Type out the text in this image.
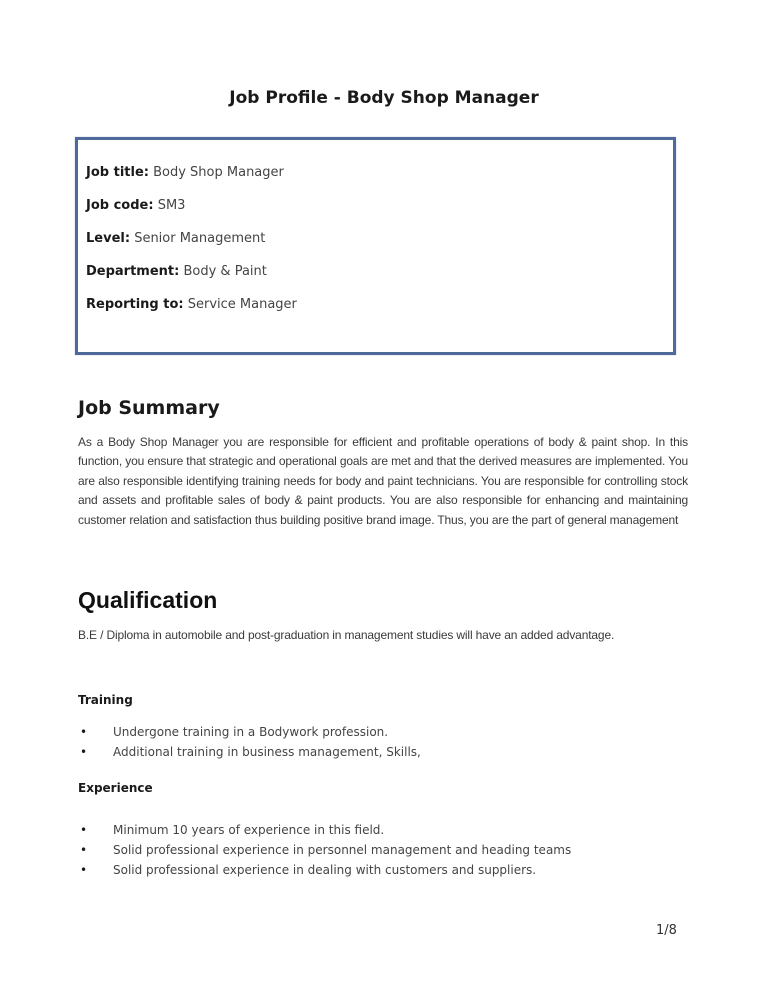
Job Profile - Body Shop Manager
Job title: Body Shop Manager
Job code: SM3
Level: Senior Management
Department: Body & Paint
Reporting to: Service Manager
Job Summary
As a Body Shop Manager you are responsible for efficient and profitable operations of body & paint shop. In this function, you ensure that strategic and operational goals are met and that the derived measures are implemented. You are also responsible identifying training needs for body and paint technicians. You are responsible for controlling stock and assets and profitable sales of body & paint products. You are also responsible for enhancing and maintaining customer relation and satisfaction thus building positive brand image. Thus, you are the part of general management
Qualification
B.E / Diploma in automobile and post-graduation in management studies will have an added advantage.
Training
• Undergone training in a Bodywork profession.
• Additional training in business management, Skills,
Experience
• Minimum 10 years of experience in this field.
• Solid professional experience in personnel management and heading teams
• Solid professional experience in dealing with customers and suppliers.
1/8
